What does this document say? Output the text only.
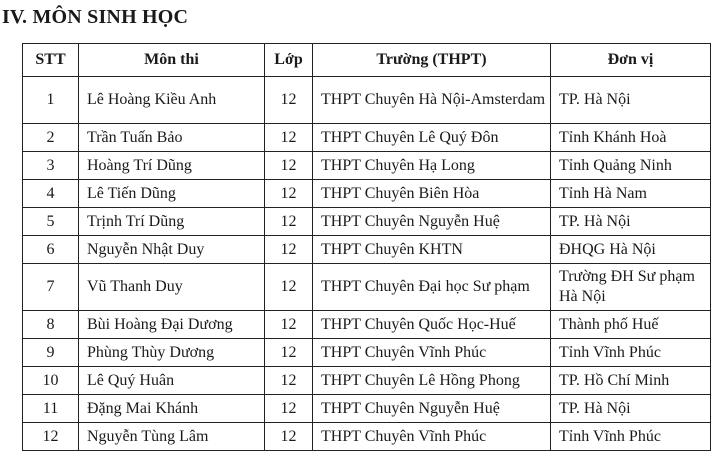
IV. MÔN SINH HỌC
STT	Môn thi	Lớp	Trường (THPT)	Đơn vị
1	Lê Hoàng Kiều Anh	12	THPT Chuyên Hà Nội-Amsterdam	TP. Hà Nội
2	Trần Tuấn Bảo	12	THPT Chuyên Lê Quý Đôn	Tỉnh Khánh Hoà
3	Hoàng Trí Dũng	12	THPT Chuyên Hạ Long	Tỉnh Quảng Ninh
4	Lê Tiến Dũng	12	THPT Chuyên Biên Hòa	Tỉnh Hà Nam
5	Trịnh Trí Dũng	12	THPT Chuyên Nguyễn Huệ	TP. Hà Nội
6	Nguyễn Nhật Duy	12	THPT Chuyên KHTN	ĐHQG Hà Nội
7	Vũ Thanh Duy	12	THPT Chuyên Đại học Sư phạm	Trường ĐH Sư phạm Hà Nội
8	Bùi Hoàng Đại Dương	12	THPT Chuyên Quốc Học-Huế	Thành phố Huế
9	Phùng Thùy Dương	12	THPT Chuyên Vĩnh Phúc	Tỉnh Vĩnh Phúc
10	Lê Quý Huân	12	THPT Chuyên Lê Hồng Phong	TP. Hồ Chí Minh
11	Đặng Mai Khánh	12	THPT Chuyên Nguyễn Huệ	TP. Hà Nội
12	Nguyễn Tùng Lâm	12	THPT Chuyên Vĩnh Phúc	Tỉnh Vĩnh Phúc
